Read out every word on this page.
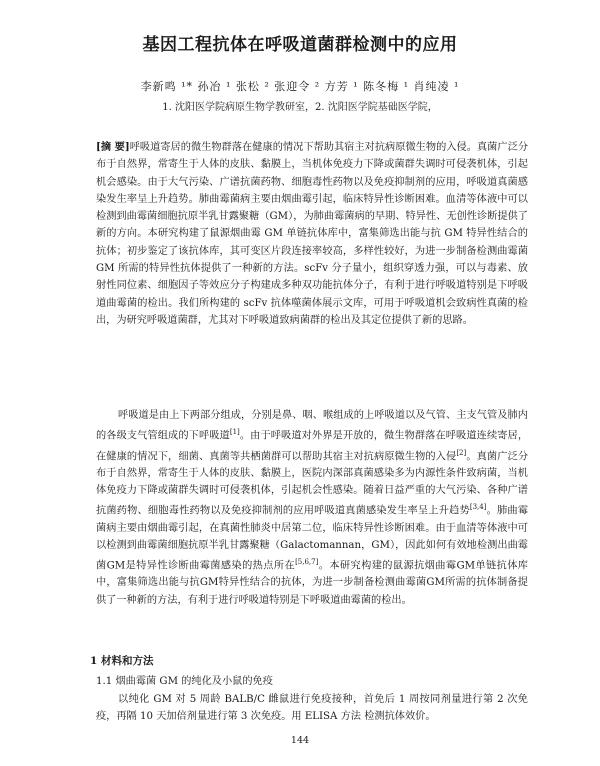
基因工程抗体在呼吸道菌群检测中的应用
李新鸣 ¹* 孙冶 ¹ 张松 ² 张迎令 ² 方芳 ¹ 陈冬梅 ¹ 肖纯凌 ¹
1. 沈阳医学院病原生物学教研室，2. 沈阳医学院基础医学院，
[摘 要]呼吸道寄居的微生物群落在健康的情况下帮助其宿主对抗病原微生物的入侵。真菌广泛分布于自然界，常寄生于人体的皮肤、黏膜上，当机体免疫力下降或菌群失调时可侵袭机体，引起机会感染。由于大气污染、广谱抗菌药物、细胞毒性药物以及免疫抑制剂的应用，呼吸道真菌感染发生率呈上升趋势。肺曲霉菌病主要由烟曲霉引起，临床特异性诊断困难。血清等体液中可以检测到曲霉菌细胞抗原半乳甘露聚糖（GM），为肺曲霉菌病的早期、特异性、无创性诊断提供了新的方向。本研究构建了鼠源烟曲霉 GM 单链抗体库中，富集筛选出能与抗 GM 特异性结合的抗体；初步鉴定了该抗体库，其可变区片段连接率较高，多样性较好，为进一步制备检测曲霉菌 GM 所需的特异性抗体提供了一种新的方法。scFv 分子量小，组织穿透力强，可以与毒素、放射性同位素、细胞因子等效应分子构建成多种双功能抗体分子，有利于进行呼吸道特别是下呼吸道曲霉菌的检出。我们所构建的 scFv 抗体噬菌体展示文库，可用于呼吸道机会致病性真菌的检出，为研究呼吸道菌群，尤其对下呼吸道致病菌群的检出及其定位提供了新的思路。

呼吸道是由上下两部分组成，分别是鼻、咽、喉组成的上呼吸道以及气管、主支气管及肺内的各级支气管组成的下呼吸道[1]。由于呼吸道对外界是开放的，微生物群落在呼吸道连续寄居，在健康的情况下，细菌、真菌等共栖菌群可以帮助其宿主对抗病原微生物的入侵[2]。真菌广泛分布于自然界，常寄生于人体的皮肤、黏膜上，医院内深部真菌感染多为内源性条件致病菌，当机体免疫力下降或菌群失调时可侵袭机体，引起机会性感染。随着日益严重的大气污染、各种广谱抗菌药物、细胞毒性药物以及免疫抑制剂的应用呼吸道真菌感染发生率呈上升趋势[3,4]。肺曲霉菌病主要由烟曲霉引起，在真菌性肺炎中居第二位，临床特异性诊断困难。由于血清等体液中可以检测到曲霉菌细胞抗原半乳甘露聚糖（Galactomannan，GM），因此如何有效地检测出曲霉菌GM是特异性诊断曲霉菌感染的热点所在[5,6,7]。本研究构建的鼠源抗烟曲霉GM单链抗体库中，富集筛选出能与抗GM特异性结合的抗体，为进一步制备检测曲霉菌GM所需的抗体制备提供了一种新的方法，有利于进行呼吸道特别是下呼吸道曲霉菌的检出。

1 材料和方法
1.1 烟曲霉菌 GM 的纯化及小鼠的免疫

以纯化 GM 对 5 周龄 BALB/C 雌鼠进行免疫接种，首免后 1 周按同剂量进行第 2 次免疫，再隔 10 天加倍剂量进行第 3 次免疫。用 ELISA 方法 检测抗体效价。

144
